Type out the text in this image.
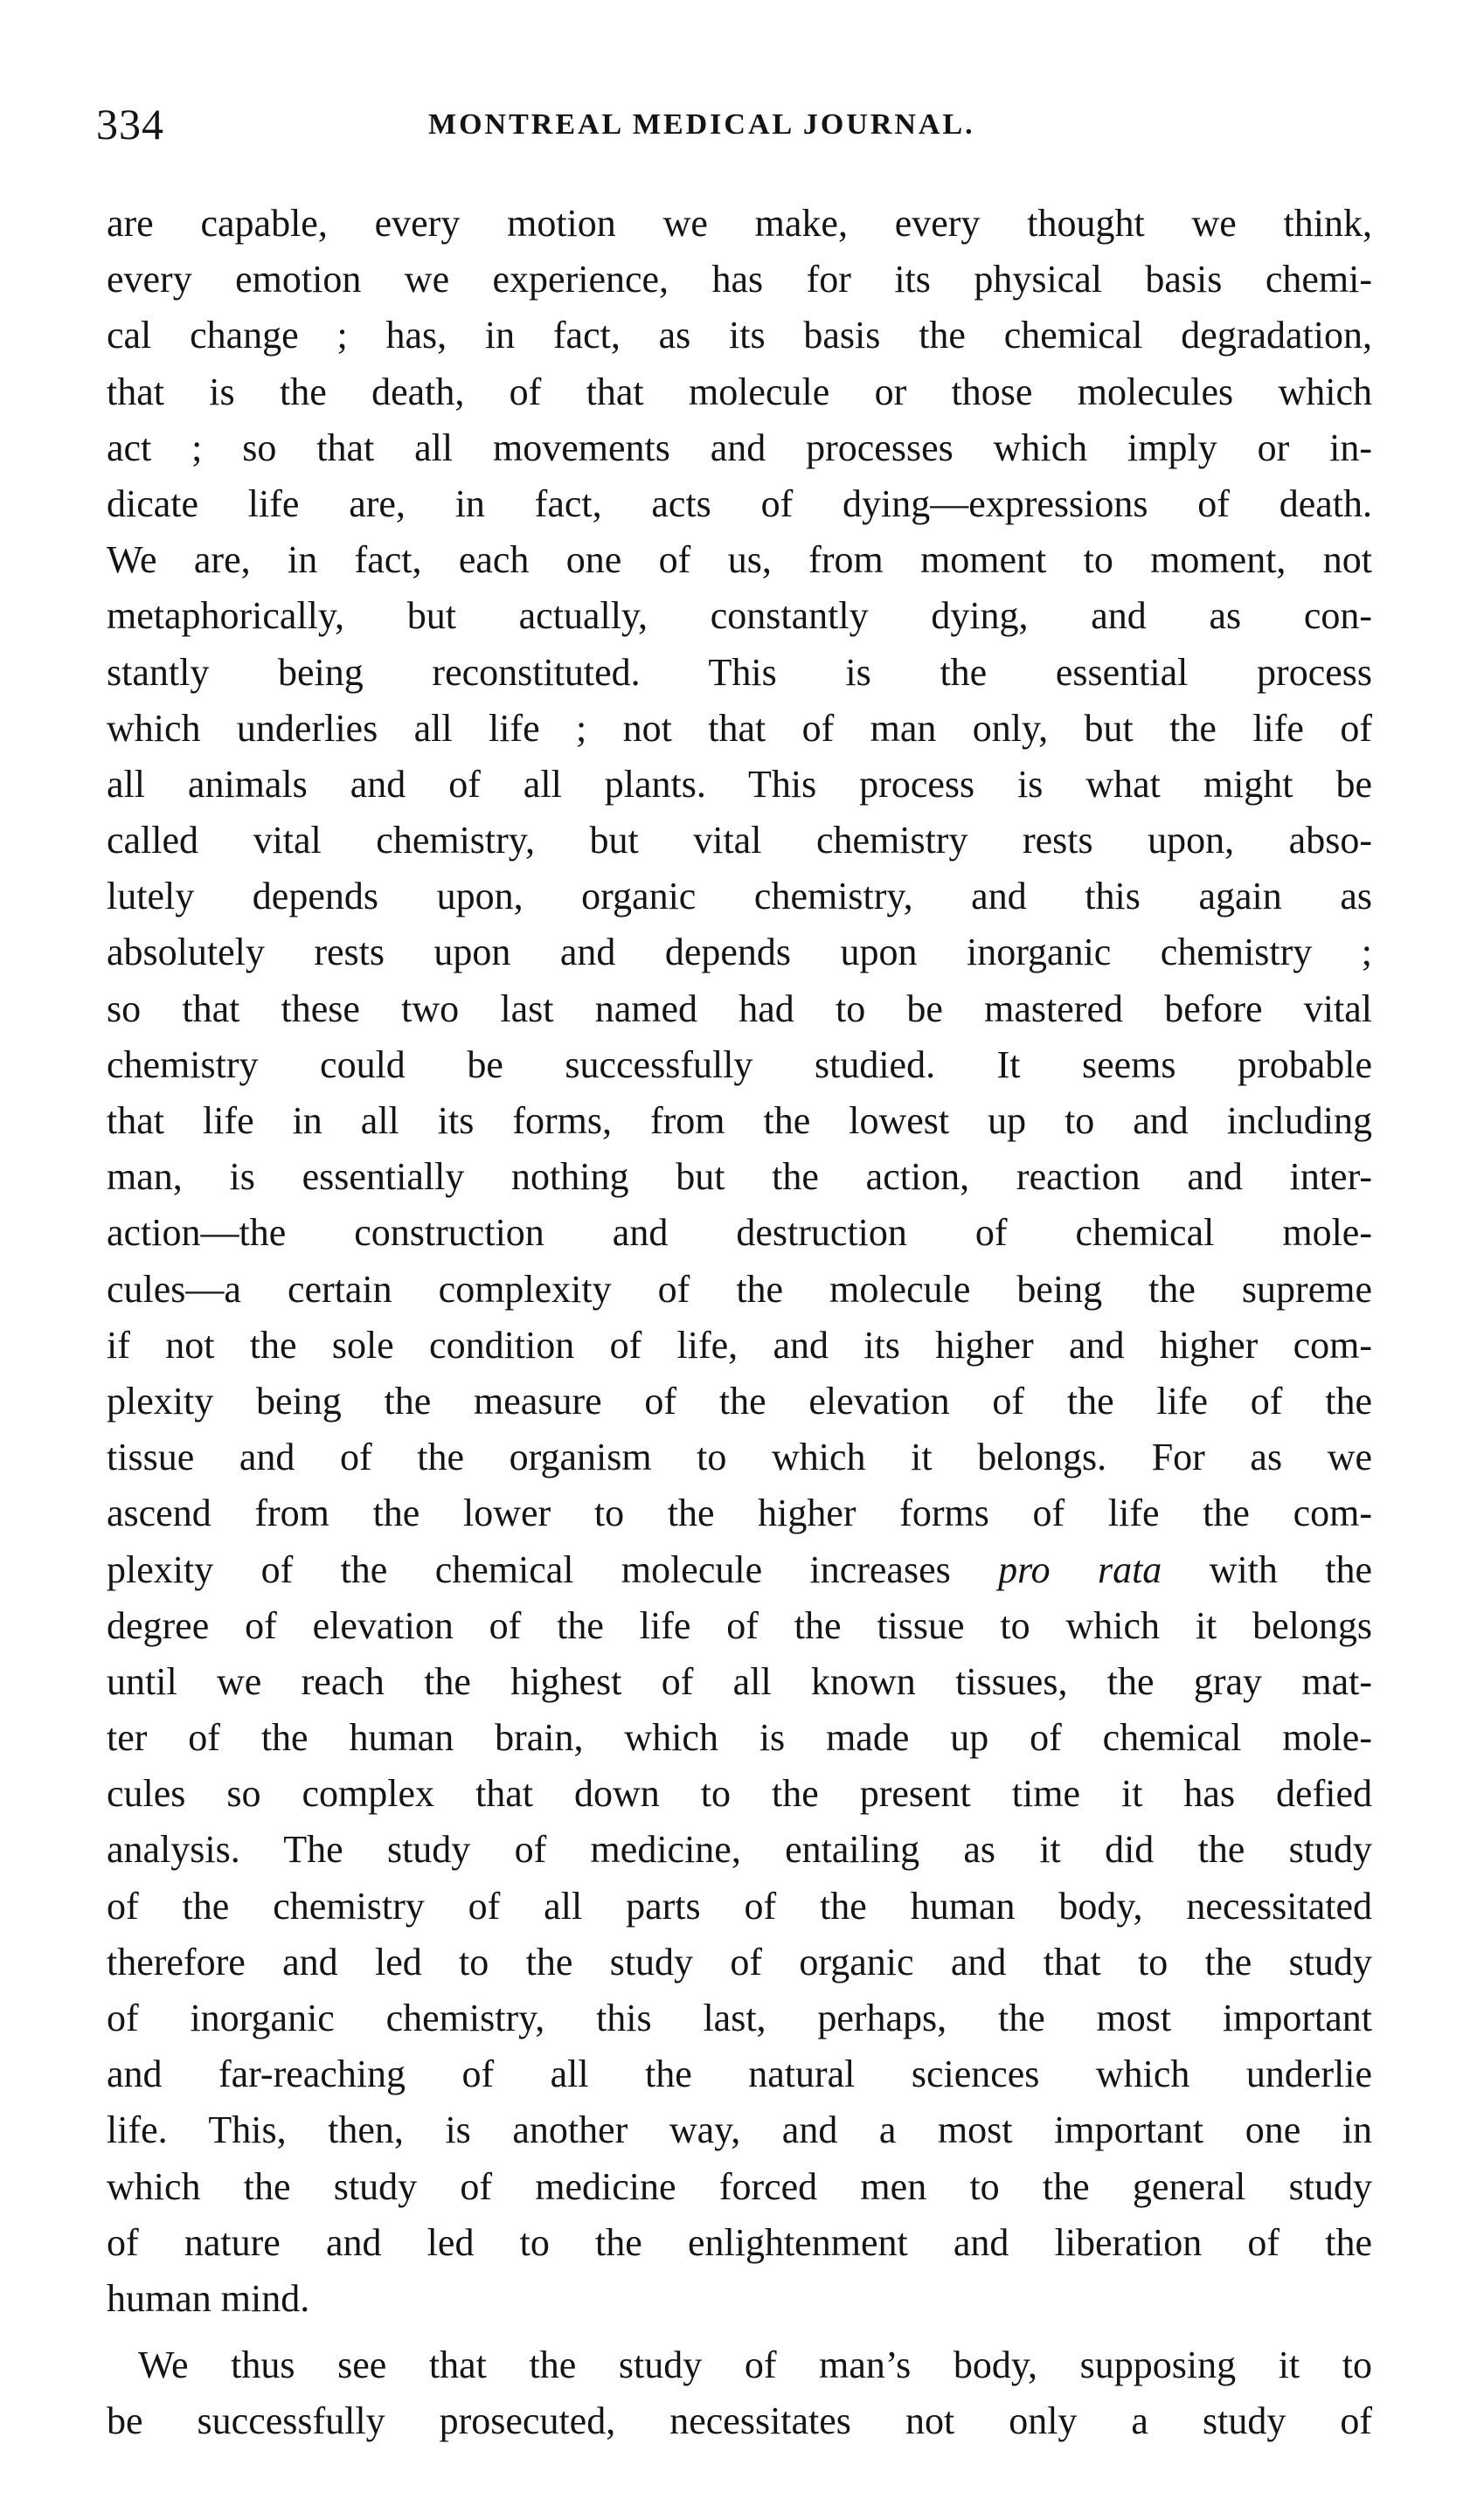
334	MONTREAL MEDICAL JOURNAL.
are capable, every motion we make, every thought we think,
every emotion we experience, has for its physical basis chemi-
cal change ; has, in fact, as its basis the chemical degradation,
that is the death, of that molecule or those molecules which
act ; so that all movements and processes which imply or in-
dicate life are, in fact, acts of dying—expressions of death.
We are, in fact, each one of us, from moment to moment, not
metaphorically, but actually, constantly dying, and as con-
stantly being reconstituted. This is the essential process
which underlies all life ; not that of man only, but the life of
all animals and of all plants. This process is what might be
called vital chemistry, but vital chemistry rests upon, abso-
lutely depends upon, organic chemistry, and this again as
absolutely rests upon and depends upon inorganic chemistry ;
so that these two last named had to be mastered before vital
chemistry could be successfully studied. It seems probable
that life in all its forms, from the lowest up to and including
man, is essentially nothing but the action, reaction and inter-
action—the construction and destruction of chemical mole-
cules—a certain complexity of the molecule being the supreme
if not the sole condition of life, and its higher and higher com-
plexity being the measure of the elevation of the life of the
tissue and of the organism to which it belongs. For as we
ascend from the lower to the higher forms of life the com-
plexity of the chemical molecule increases pro rata with the
degree of elevation of the life of the tissue to which it belongs
until we reach the highest of all known tissues, the gray mat-
ter of the human brain, which is made up of chemical mole-
cules so complex that down to the present time it has defied
analysis. The study of medicine, entailing as it did the study
of the chemistry of all parts of the human body, necessitated
therefore and led to the study of organic and that to the study
of inorganic chemistry, this last, perhaps, the most important
and far-reaching of all the natural sciences which underlie
life. This, then, is another way, and a most important one in
which the study of medicine forced men to the general study
of nature and led to the enlightenment and liberation of the
human mind.
We thus see that the study of man’s body, supposing it to
be successfully prosecuted, necessitates not only a study of
